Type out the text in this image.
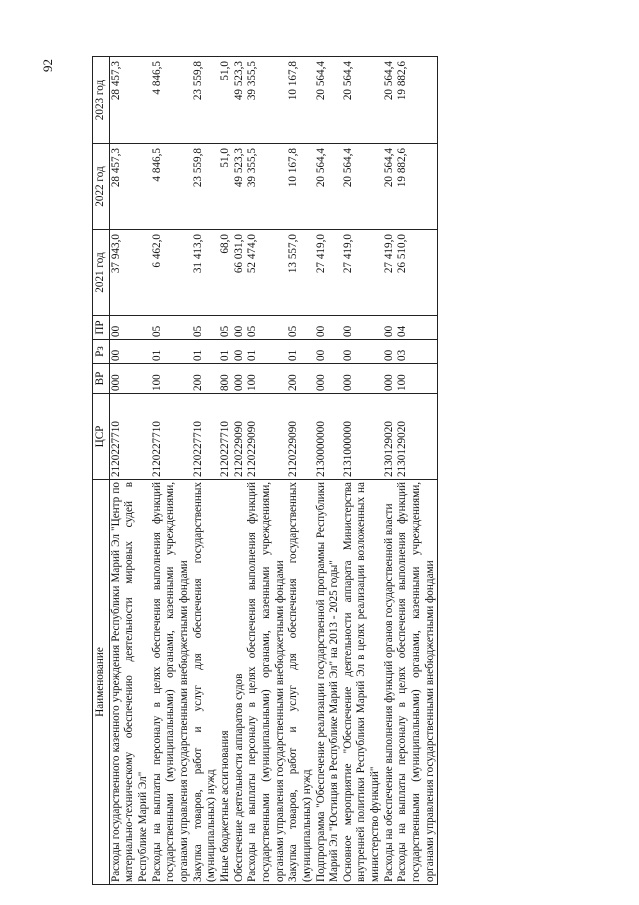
92
Наименование	ЦСР	ВР	Рз	ПР	2021 год	2022 год	2023 год
Расходы государственного казенного учреждения Республики Марий Эл "Центр по материально-техническому обеспечению деятельности мировых судей в Республике Марий Эл"	2120227710	000	00	00	37 943,0	28 457,3	28 457,3
Расходы на выплаты персоналу в целях обеспечения выполнения функций государственными (муниципальными) органами, казенными учреждениями, органами управления государственными внебюджетными фондами	2120227710	100	01	05	6 462,0	4 846,5	4 846,5
Закупка товаров, работ и услуг для обеспечения государственных (муниципальных) нужд	2120227710	200	01	05	31 413,0	23 559,8	23 559,8
Иные бюджетные ассигнования	2120227710	800	01	05	68,0	51,0	51,0
Обеспечение деятельности аппаратов судов	2120229090	000	00	00	66 031,0	49 523,3	49 523,3
Расходы на выплаты персоналу в целях обеспечения выполнения функций государственными (муниципальными) органами, казенными учреждениями, органами управления государственными внебюджетными фондами	2120229090	100	01	05	52 474,0	39 355,5	39 355,5
Закупка товаров, работ и услуг для обеспечения государственных (муниципальных) нужд	2120229090	200	01	05	13 557,0	10 167,8	10 167,8
Подпрограмма "Обеспечение реализации государственной программы Республики Марий Эл "Юстиция в Республике Марий Эл" на 2013 - 2025 годы"	2130000000	000	00	00	27 419,0	20 564,4	20 564,4
Основное мероприятие "Обеспечение деятельности аппарата Министерства внутренней политики Республики Марий Эл в целях реализации возложенных на министерство функций"	2131000000	000	00	00	27 419,0	20 564,4	20 564,4
Расходы на обеспечение выполнения функций органов государственной власти	2130129020	000	00	00	27 419,0	20 564,4	20 564,4
Расходы на выплаты персоналу в целях обеспечения выполнения функций государственными (муниципальными) органами, казенными учреждениями, органами управления государственными внебюджетными фондами	2130129020	100	03	04	26 510,0	19 882,6	19 882,6
